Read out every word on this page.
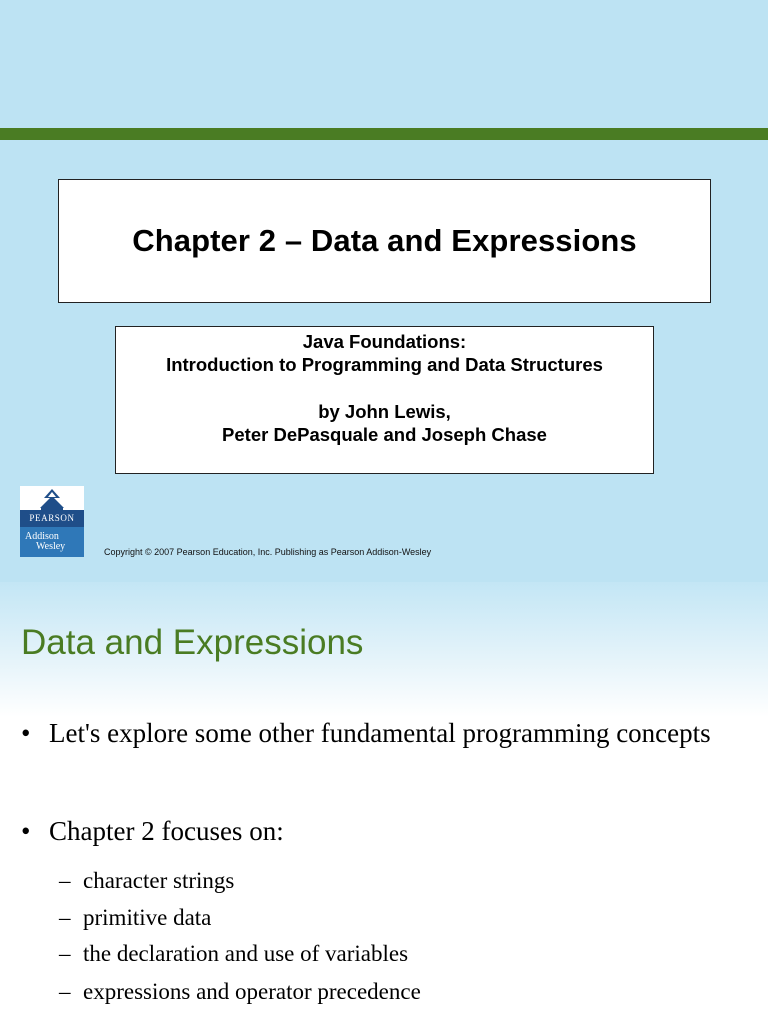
Chapter 2 – Data and Expressions
Java Foundations:
Introduction to Programming and Data Structures
by John Lewis,
Peter DePasquale and Joseph Chase
PEARSON
Addison
Wesley	Copyright © 2007 Pearson Education, Inc. Publishing as Pearson Addison-Wesley
Data and Expressions
• Let's explore some other fundamental programming concepts
• Chapter 2 focuses on:
– character strings
– primitive data
– the declaration and use of variables
– expressions and operator precedence
